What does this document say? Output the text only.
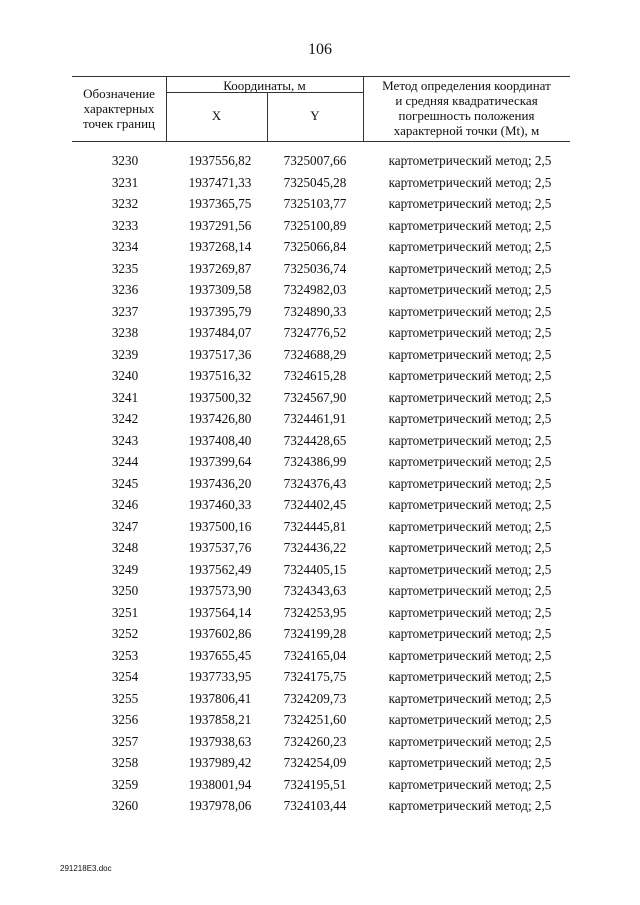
106
Обозначение
характерных
точек границ
Координаты, м
X	Y
Метод определения координат
и средняя квадратическая
погрешность положения
характерной точки (Mt), м
3230	1937556,82	7325007,66	картометрический метод; 2,5
3231	1937471,33	7325045,28	картометрический метод; 2,5
3232	1937365,75	7325103,77	картометрический метод; 2,5
3233	1937291,56	7325100,89	картометрический метод; 2,5
3234	1937268,14	7325066,84	картометрический метод; 2,5
3235	1937269,87	7325036,74	картометрический метод; 2,5
3236	1937309,58	7324982,03	картометрический метод; 2,5
3237	1937395,79	7324890,33	картометрический метод; 2,5
3238	1937484,07	7324776,52	картометрический метод; 2,5
3239	1937517,36	7324688,29	картометрический метод; 2,5
3240	1937516,32	7324615,28	картометрический метод; 2,5
3241	1937500,32	7324567,90	картометрический метод; 2,5
3242	1937426,80	7324461,91	картометрический метод; 2,5
3243	1937408,40	7324428,65	картометрический метод; 2,5
3244	1937399,64	7324386,99	картометрический метод; 2,5
3245	1937436,20	7324376,43	картометрический метод; 2,5
3246	1937460,33	7324402,45	картометрический метод; 2,5
3247	1937500,16	7324445,81	картометрический метод; 2,5
3248	1937537,76	7324436,22	картометрический метод; 2,5
3249	1937562,49	7324405,15	картометрический метод; 2,5
3250	1937573,90	7324343,63	картометрический метод; 2,5
3251	1937564,14	7324253,95	картометрический метод; 2,5
3252	1937602,86	7324199,28	картометрический метод; 2,5
3253	1937655,45	7324165,04	картометрический метод; 2,5
3254	1937733,95	7324175,75	картометрический метод; 2,5
3255	1937806,41	7324209,73	картометрический метод; 2,5
3256	1937858,21	7324251,60	картометрический метод; 2,5
3257	1937938,63	7324260,23	картометрический метод; 2,5
3258	1937989,42	7324254,09	картометрический метод; 2,5
3259	1938001,94	7324195,51	картометрический метод; 2,5
3260	1937978,06	7324103,44	картометрический метод; 2,5
291218E3.doc
